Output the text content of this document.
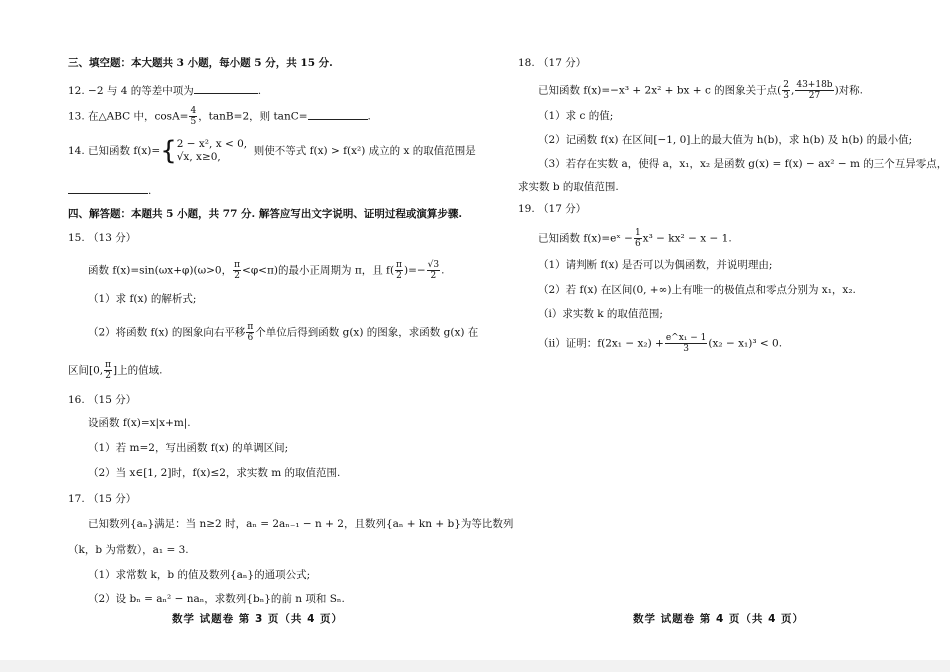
三、填空题：本大题共 3 小题，每小题 5 分，共 15 分.
12. −2 与 4 的等差中项为	.
13. 在△ABC 中，$\cos A= \frac{4}{5}$ ，tanB=2，则 tanC=	.
14. 已知函数 f(x)={ 2 − x², x < 0,
√x, x≥0,	则使不等式 f(x) > f(x²) 成立的 x 的取值范围是
.
四、解答题：本题共 5 小题，共 77 分. 解答应写出文字说明、证明过程或演算步骤.
15. （13 分）
函数 f(x)=sin(ωx+φ)(ω>0， $\frac{\pi}{2} <\varphi<\pi$)的最小正周期为 π，且 $f( \frac{\pi}{2}$ )=− $\frac{√3}{2}$ .
（1）求 f(x) 的解析式;
（2）将函数 f(x) 的图象向右平移 $\frac{\pi}{6}$ 个单位后得到函数 g(x) 的图象，求函数 g(x) 在
区间[0, $\frac{\pi}{2}$ ]上的值域.
16. （15 分）
设函数 f(x)=x|x+m|.
（1）若 m=2，写出函数 f(x) 的单调区间;
（2）当 x∈[1, 2]时，f(x)≤2，求实数 m 的取值范围.
17. （15 分）
已知数列{aₙ}满足：当 n≥2 时，aₙ = 2aₙ₋₁ − n + 2，且数列{aₙ + kn + b}为等比数列
（k，b 为常数），a₁ = 3.
（1）求常数 k，b 的值及数列{aₙ}的通项公式;
（2）设 bₙ = aₙ² − naₙ，求数列{bₙ}的前 n 项和 Sₙ.
数学 试题卷 第 3 页（共 4 页）
18. （17 分）
已知函数 f(x)=−x³ + 2x² + bx + c 的图象关于点( $\frac{2}{3}$ , $\frac{43+18b}{27}$ )对称.
（1）求 c 的值;
（2）记函数 f(x) 在区间[−1, 0]上的最大值为 h(b)，求 h(b) 及 h(b) 的最小值;
（3）若存在实数 a，使得 a，x₁，x₂ 是函数 g(x) = f(x) − ax² − m 的三个互异零点，
求实数 b 的取值范围.
19. （17 分）
已知函数 f(x)=eˣ − $\frac{1}{6} x^3 - kx^2 - x - 1$.
（1）请判断 f(x) 是否可以为偶函数，并说明理由;
（2）若 f(x) 在区间(0, +∞)上有唯一的极值点和零点分别为 x₁，x₂.
（i）求实数 k 的取值范围;
（ii）证明：$f(2x_1 - x_2) + \frac{\text{e\textasciicircum{}x₁ − 1}}{3} (x_2 - x_1)^3 < 0$.
数学 试题卷 第 4 页（共 4 页）
